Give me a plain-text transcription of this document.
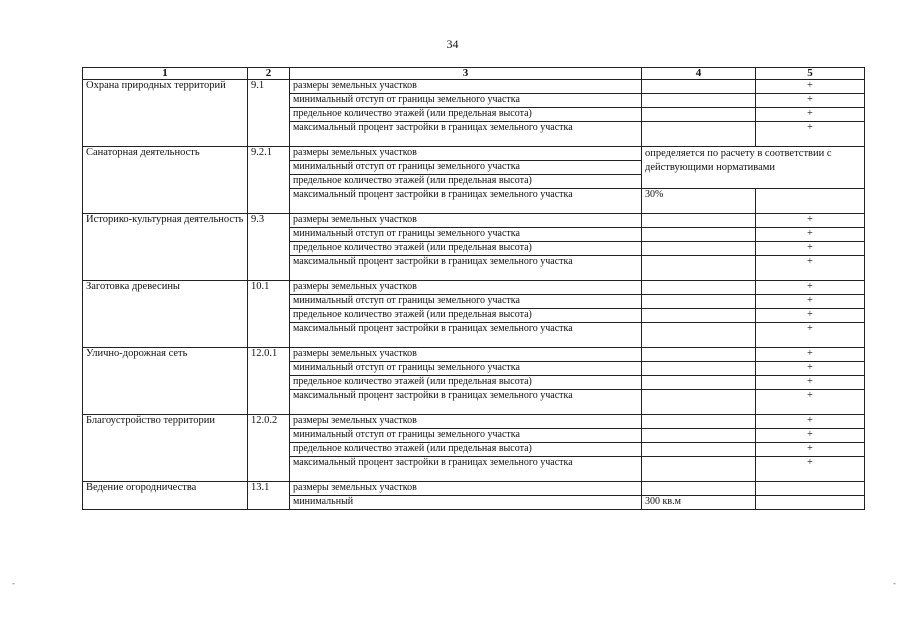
34
1	2	3	4	5
Охрана природных территорий	9.1	размеры земельных участков		+
		минимальный отступ от границы земельного участка		+
		предельное количество этажей (или предельная высота)		+
		максимальный процент застройки в границах земельного участка		+
Санаторная деятельность	9.2.1	размеры земельных участков	определяется по расчету в соответствии с действующими нормативами	
		минимальный отступ от границы земельного участка		
		предельное количество этажей (или предельная высота)		
		максимальный процент застройки в границах земельного участка	30%	
Историко-культурная деятельность	9.3	размеры земельных участков		+
		минимальный отступ от границы земельного участка		+
		предельное количество этажей (или предельная высота)		+
		максимальный процент застройки в границах земельного участка		+
Заготовка древесины	10.1	размеры земельных участков		+
		минимальный отступ от границы земельного участка		+
		предельное количество этажей (или предельная высота)		+
		максимальный процент застройки в границах земельного участка		+
Улично-дорожная сеть	12.0.1	размеры земельных участков		+
		минимальный отступ от границы земельного участка		+
		предельное количество этажей (или предельная высота)		+
		максимальный процент застройки в границах земельного участка		+
Благоустройство территории	12.0.2	размеры земельных участков		+
		минимальный отступ от границы земельного участка		+
		предельное количество этажей (или предельная высота)		+
		максимальный процент застройки в границах земельного участка		+
Ведение огородничества	13.1	размеры земельных участков		
		минимальный	300 кв.м	
-	-
